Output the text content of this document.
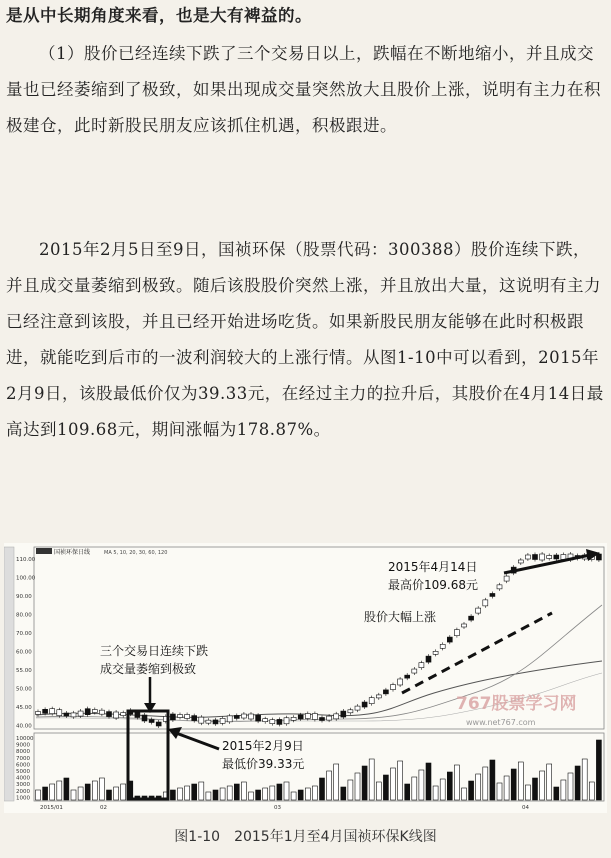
是从中长期角度来看，也是大有裨益的。

（1）股价已经连续下跌了三个交易日以上，跌幅在不断地缩小，并且成交量也已经萎缩到了极致，如果出现成交量突然放大且股价上涨，说明有主力在积极建仓，此时新股民朋友应该抓住机遇，积极跟进。

2015年2月5日至9日，国祯环保（股票代码：300388）股价连续下跌，并且成交量萎缩到极致。随后该股股价突然上涨，并且放出大量，这说明有主力已经注意到该股，并且已经开始进场吃货。如果新股民朋友能够在此时积极跟进，就能吃到后市的一波利润较大的上涨行情。从图1-10中可以看到，2015年2月9日，该股最低价仅为39.33元，在经过主力的拉升后，其股价在4月14日最高达到109.68元，期间涨幅为178.87%。

国祯环保日线	MA 5, 10, 20, 30, 60, 120
110.00
100.00
90.00
80.00
70.00
60.00
55.00
50.00
45.00
40.00
10000
9000
8000
7000
6000
5000
4000
3000
2000
1000
2015/01	02	03	04
三个交易日连续下跌
成交量萎缩到极致
2015年2月9日
最低价39.33元
股价大幅上涨
2015年4月14日
最高价109.68元
767股票学习网
www.net767.com
图1-10　2015年1月至4月国祯环保K线图
